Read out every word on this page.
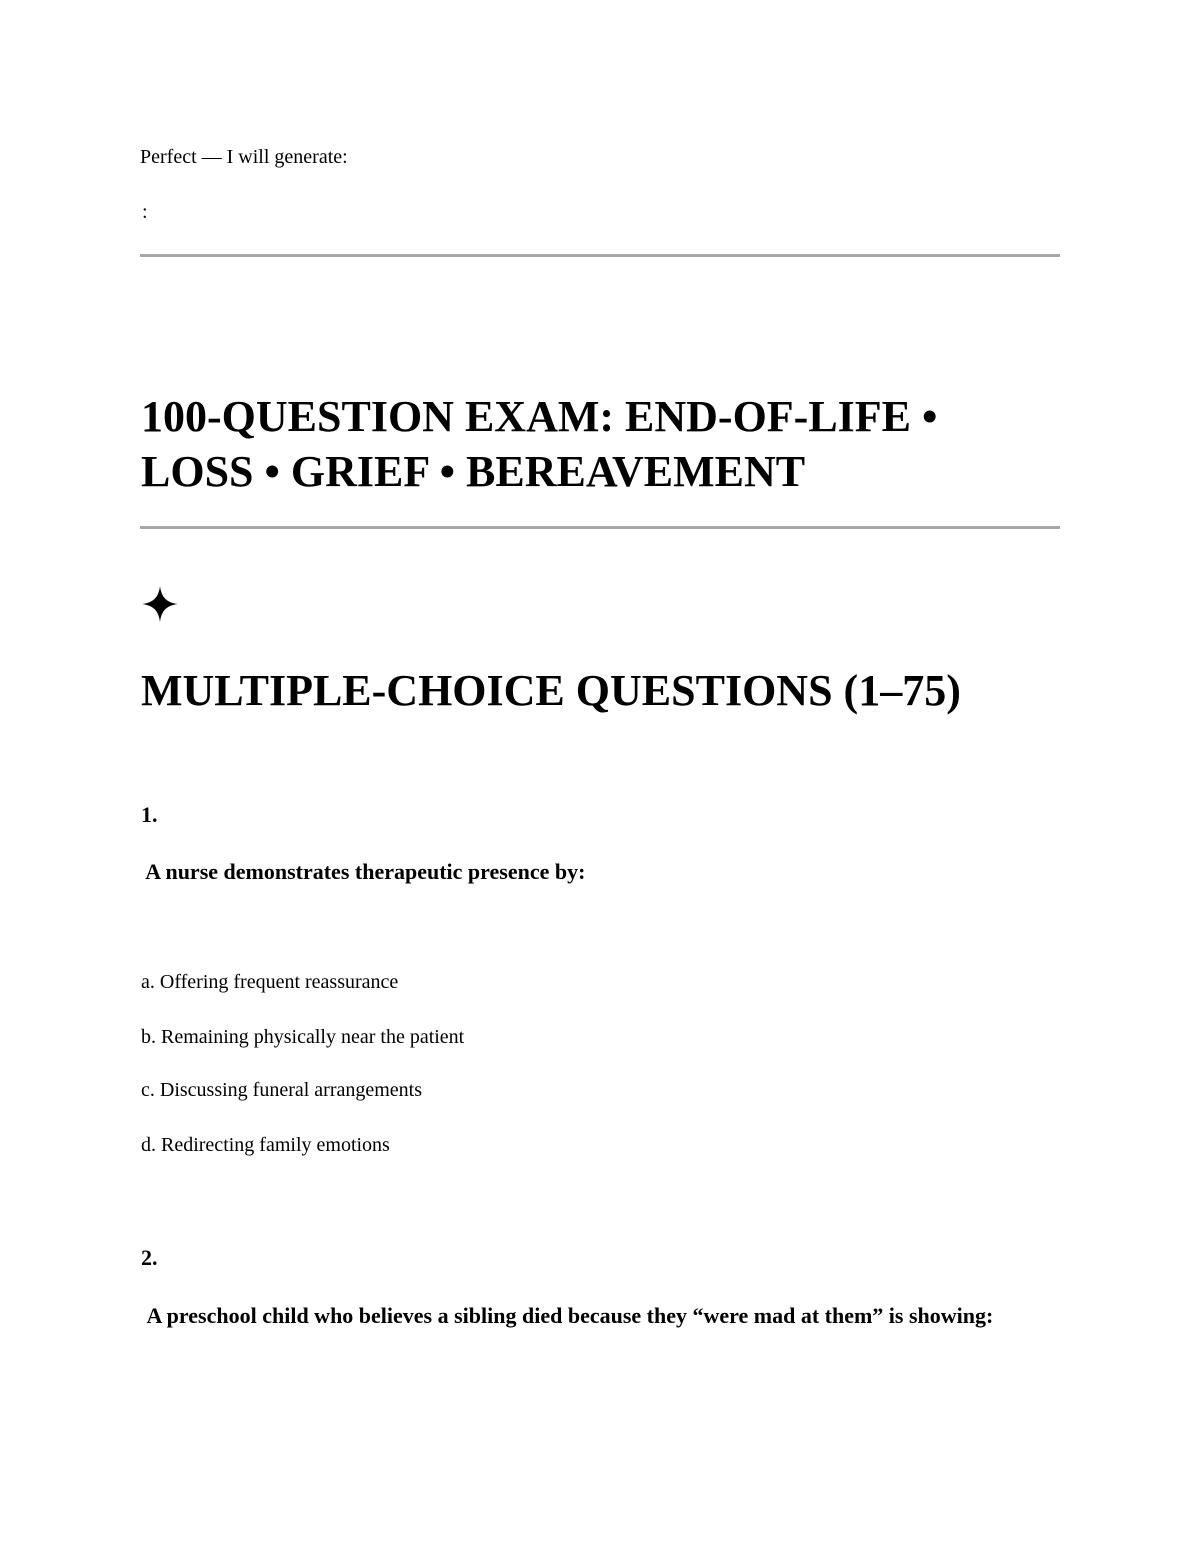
Perfect — I will generate:
:
100-QUESTION EXAM: END-OF-LIFE • LOSS • GRIEF • BEREAVEMENT
MULTIPLE-CHOICE QUESTIONS (1–75)
1.
A nurse demonstrates therapeutic presence by:
a. Offering frequent reassurance
b. Remaining physically near the patient
c. Discussing funeral arrangements
d. Redirecting family emotions
2.
A preschool child who believes a sibling died because they “were mad at them” is showing:
